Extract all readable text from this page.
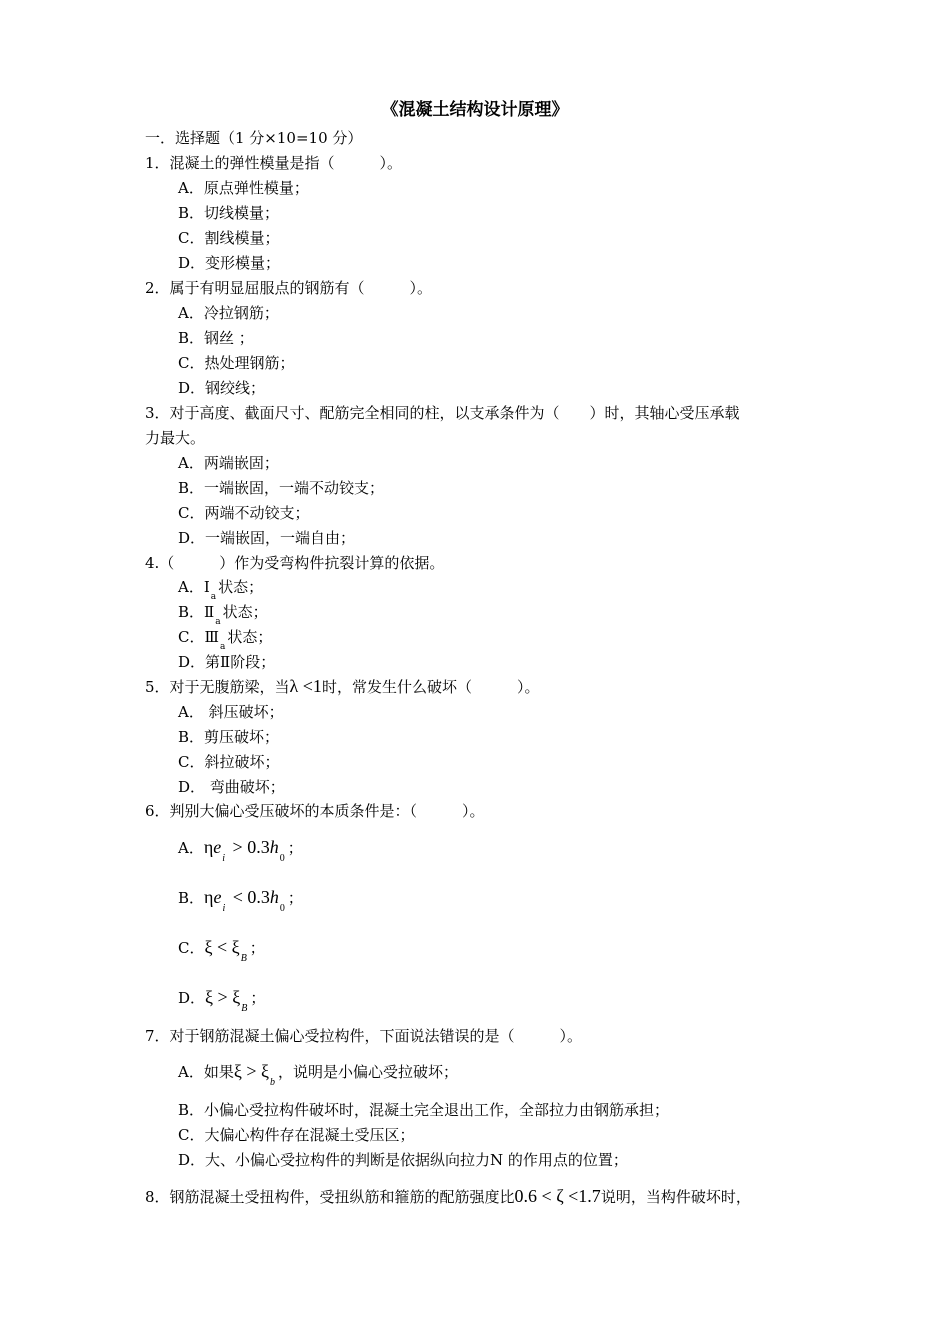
《混凝土结构设计原理》
一．选择题（1 分×10=10 分）
1．混凝土的弹性模量是指（　　　）。
A．原点弹性模量；
B．切线模量；
C．割线模量；
D．变形模量；
2．属于有明显屈服点的钢筋有（　　　）。
A．冷拉钢筋；
B．钢丝 ；
C．热处理钢筋；
D．钢绞线；
3．对于高度、截面尺寸、配筋完全相同的柱，以支承条件为（　　）时，其轴心受压承载
力最大。
A．两端嵌固；
B．一端嵌固，一端不动铰支；
C．两端不动铰支；
D．一端嵌固，一端自由；
4.（　　　）作为受弯构件抗裂计算的依据。
A．$Ⅰ_a$状态；
B．$Ⅱ_a$状态；
C．$Ⅲ_a$状态；
D．第Ⅱ阶段；
5．对于无腹筋梁，当λ <1时，常发生什么破坏（　　　）。
A． 斜压破坏；
B．剪压破坏；
C．斜拉破坏；
D． 弯曲破坏；
6．判别大偏心受压破坏的本质条件是：（　　　）。
A．$\eta e_i > 0.3h_0$；
B．$\eta e_i < 0.3h_0$；
C．$\xi < \xi_B$；
D．$\xi > \xi_B$；
7．对于钢筋混凝土偏心受拉构件，下面说法错误的是（　　　）。
A．如果$\xi > \xi_b$，说明是小偏心受拉破坏；
B．小偏心受拉构件破坏时，混凝土完全退出工作，全部拉力由钢筋承担；
C．大偏心构件存在混凝土受压区；
D．大、小偏心受拉构件的判断是依据纵向拉力N 的作用点的位置；
8．钢筋混凝土受扭构件，受扭纵筋和箍筋的配筋强度比0.6 < ζ <1.7说明，当构件破坏时，
